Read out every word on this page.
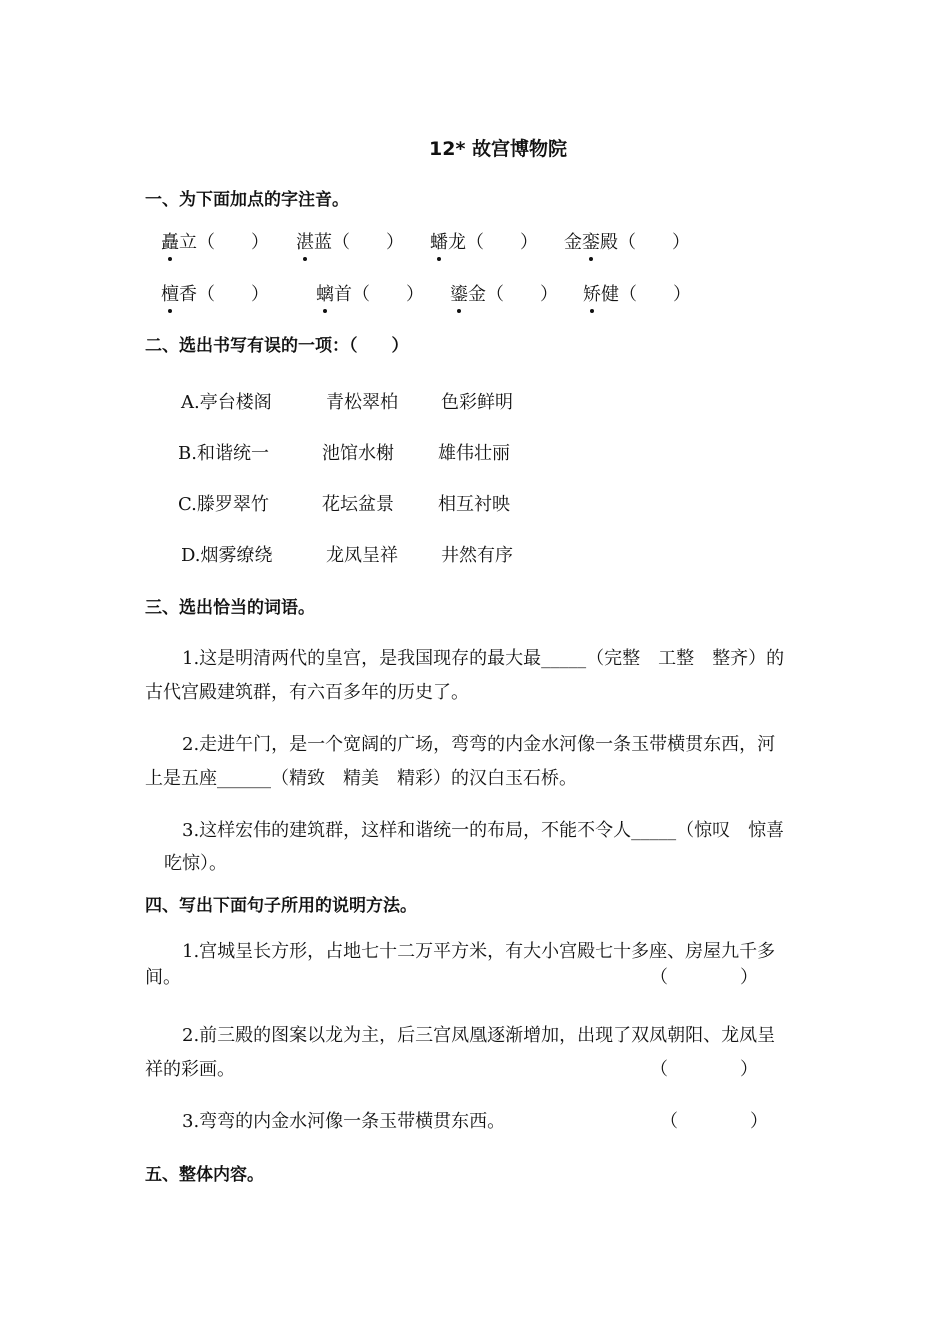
12* 故宫博物院
一、为下面加点的字注音。
矗立（　　） 湛蓝（　　） 蟠龙（　　） 金銮殿（　　）
檀香（　　）	螭首（　　） 鎏金（　　） 矫健（　　）
二、选出书写有误的一项：（　　）
A.亭台楼阁	青松翠柏 色彩鲜明
B.和谐统一	池馆水榭 雄伟壮丽
C.滕罗翠竹	花坛盆景 相互衬映
D.烟雾缭绕	龙凤呈祥 井然有序
三、选出恰当的词语。
1.这是明清两代的皇宫，是我国现存的最大最_____（完整　工整　整齐）的
古代宫殿建筑群，有六百多年的历史了。
2.走进午门，是一个宽阔的广场，弯弯的内金水河像一条玉带横贯东西，河
上是五座______（精致　精美　精彩）的汉白玉石桥。
3.这样宏伟的建筑群，这样和谐统一的布局，不能不令人_____（惊叹　惊喜
吃惊）。
四、写出下面句子所用的说明方法。
1.宫城呈长方形，占地七十二万平方米，有大小宫殿七十多座、房屋九千多
间。	（　　　　）
2.前三殿的图案以龙为主，后三宫凤凰逐渐增加，出现了双凤朝阳、龙凤呈
祥的彩画。	（　　　　）
3.弯弯的内金水河像一条玉带横贯东西。	（　　　　）
五、整体内容。
